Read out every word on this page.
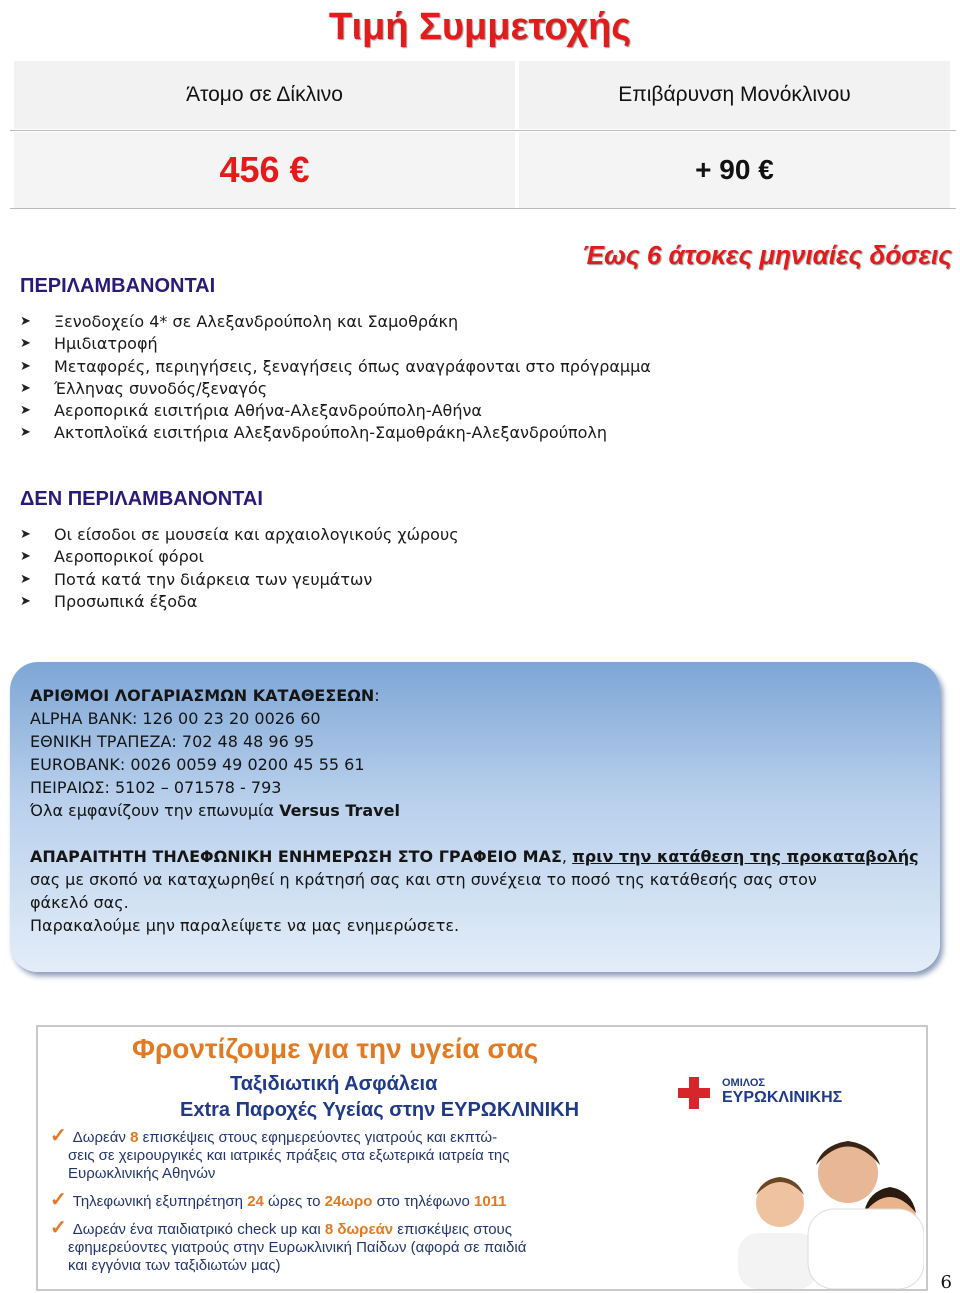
Τιμή Συμμετοχής
Άτομο σε Δίκλινο	Επιβάρυνση Μονόκλινου
456 €	+ 90 €
Έως 6 άτοκες μηνιαίες δόσεις
ΠΕΡΙΛΑΜΒΑΝΟΝΤΑΙ
➤	Ξενοδοχείο 4* σε Αλεξανδρούπολη και Σαμοθράκη
➤	Ημιδιατροφή
➤	Μεταφορές, περιηγήσεις, ξεναγήσεις όπως αναγράφονται στο πρόγραμμα
➤	Έλληνας συνοδός/ξεναγός
➤	Αεροπορικά εισιτήρια Αθήνα-Αλεξανδρούπολη-Αθήνα
➤	Ακτοπλοϊκά εισιτήρια Αλεξανδρούπολη-Σαμοθράκη-Αλεξανδρούπολη
ΔΕΝ ΠΕΡΙΛΑΜΒΑΝΟΝΤΑΙ
➤	Οι είσοδοι σε μουσεία και αρχαιολογικούς χώρους
➤	Αεροπορικοί φόροι
➤	Ποτά κατά την διάρκεια των γευμάτων
➤	Προσωπικά έξοδα
ΑΡΙΘΜΟΙ ΛΟΓΑΡΙΑΣΜΩΝ ΚΑΤΑΘΕΣΕΩΝ:
ALPHA BANK: 126 00 23 20 0026 60
ΕΘΝΙΚΗ ΤΡΑΠΕΖΑ: 702 48 48 96 95
EUROBANK: 0026 0059 49 0200 45 55 61
ΠΕΙΡΑΙΩΣ: 5102 – 071578 - 793
Όλα εμφανίζουν την επωνυμία Versus Travel
ΑΠΑΡΑΙΤΗΤΗ ΤΗΛΕΦΩΝΙΚΗ ΕΝΗΜΕΡΩΣΗ ΣΤΟ ΓΡΑΦΕΙΟ ΜΑΣ, πριν την κατάθεση της προκαταβολής
σας με σκοπό να καταχωρηθεί η κράτησή σας και στη συνέχεια το ποσό της κατάθεσής σας στον
φάκελό σας.
Παρακαλούμε μην παραλείψετε να μας ενημερώσετε.
Φροντίζουμε για την υγεία σας
Ταξιδιωτική Ασφάλεια
Extra Παροχές Υγείας στην ΕΥΡΩΚΛΙΝΙΚΗ
ΟΜΙΛΟΣ
ΕΥΡΩΚΛΙΝΙΚΗΣ
✓ Δωρεάν 8 επισκέψεις στους εφημερεύοντες γιατρούς και εκπτώ-
σεις σε χειρουργικές και ιατρικές πράξεις στα εξωτερικά ιατρεία της
Ευρωκλινικής Αθηνών
✓ Τηλεφωνική εξυπηρέτηση 24 ώρες το 24ωρο στο τηλέφωνο 1011
✓ Δωρεάν ένα παιδιατρικό check up και 8 δωρεάν επισκέψεις στους
εφημερεύοντες γιατρούς στην Ευρωκλινική Παίδων (αφορά σε παιδιά
και εγγόνια των ταξιδιωτών μας)
6
